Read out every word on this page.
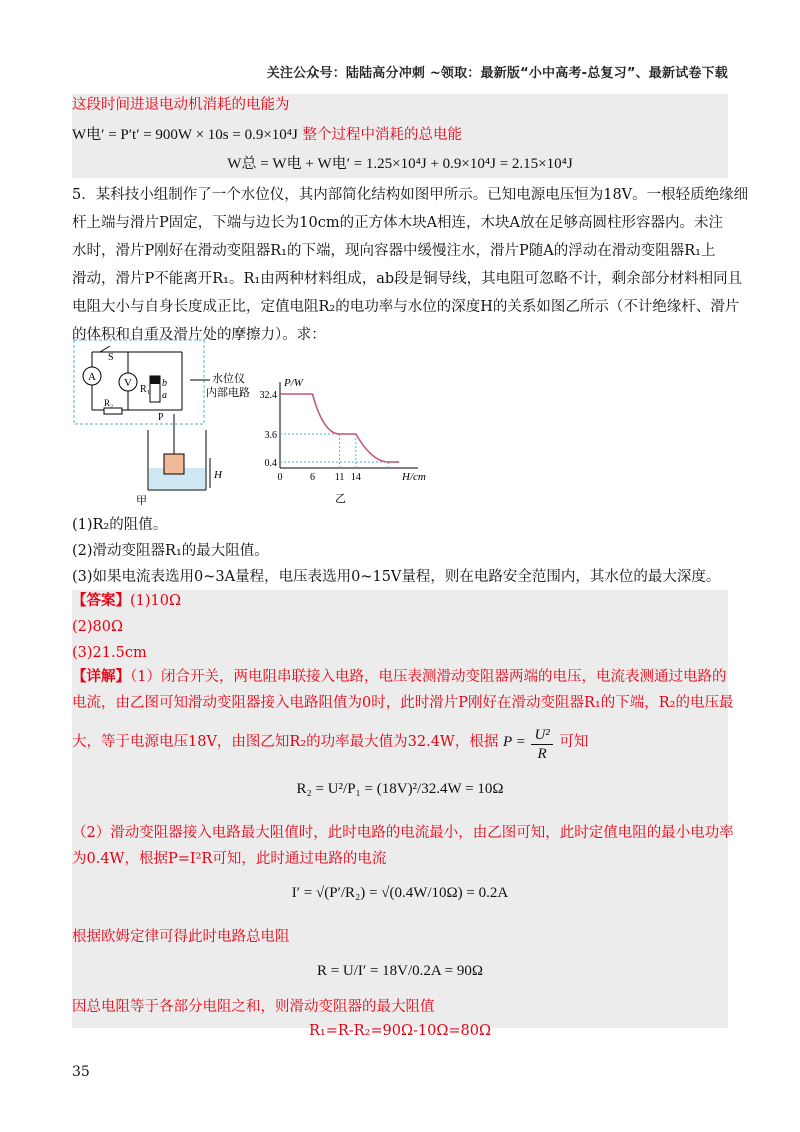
关注公众号：陆陆高分冲刺 ~领取：最新版“小中高考-总复习”、最新试卷下载
这段时间进退电动机消耗的电能为
W电′ = P′t′ = 900W × 10s = 0.9×10⁴J 整个过程中消耗的总电能
W总 = W电 + W电′ = 1.25×10⁴J + 0.9×10⁴J = 2.15×10⁴J
5．某科技小组制作了一个水位仪，其内部简化结构如图甲所示。已知电源电压恒为18V。一根轻质绝缘细
杆上端与滑片P固定，下端与边长为10cm的正方体木块A相连，木块A放在足够高圆柱形容器内。未注
水时，滑片P刚好在滑动变阻器R₁的下端，现向容器中缓慢注水，滑片P随A的浮动在滑动变阻器R₁上
滑动，滑片P不能离开R₁。R₁由两种材料组成，ab段是铜导线，其电阻可忽略不计，剩余部分材料相同且
电阻大小与自身长度成正比，定值电阻R₂的电功率与水位的深度H的关系如图乙所示（不计绝缘杆、滑片
的体积和自重及滑片处的摩擦力）。求：
A	V
S
R₁
b
a
P
R₂
H
水位仪
内部电路
甲
P/W
H/cm
32.4
3.6
0.4
0	6 11 14
乙
(1)R₂的阻值。
(2)滑动变阻器R₁的最大阻值。
(3)如果电流表选用0~3A量程，电压表选用0~15V量程，则在电路安全范围内，其水位的最大深度。
【答案】(1)10Ω
(2)80Ω
(3)21.5cm
【详解】（1）闭合开关，两电阻串联接入电路，电压表测滑动变阻器两端的电压，电流表测通过电路的
电流，由乙图可知滑动变阻器接入电路阻值为0时，此时滑片P刚好在滑动变阻器R₁的下端，R₂的电压最
大，等于电源电压18V，由图乙知R₂的功率最大值为32.4W，根据 $P = \frac{\text{U²}}{R}$ 可知
R₂ = U²/P₁ = (18V)²/32.4W = 10Ω
（2）滑动变阻器接入电路最大阻值时，此时电路的电流最小，由乙图可知，此时定值电阻的最小电功率
为0.4W，根据P=I²R可知，此时通过电路的电流
I′ = √(P′/R₂) = √(0.4W/10Ω) = 0.2A
根据欧姆定律可得此时电路总电阻
R = U/I′ = 18V/0.2A = 90Ω
因总电阻等于各部分电阻之和，则滑动变阻器的最大阻值
R₁=R-R₂=90Ω-10Ω=80Ω
35
